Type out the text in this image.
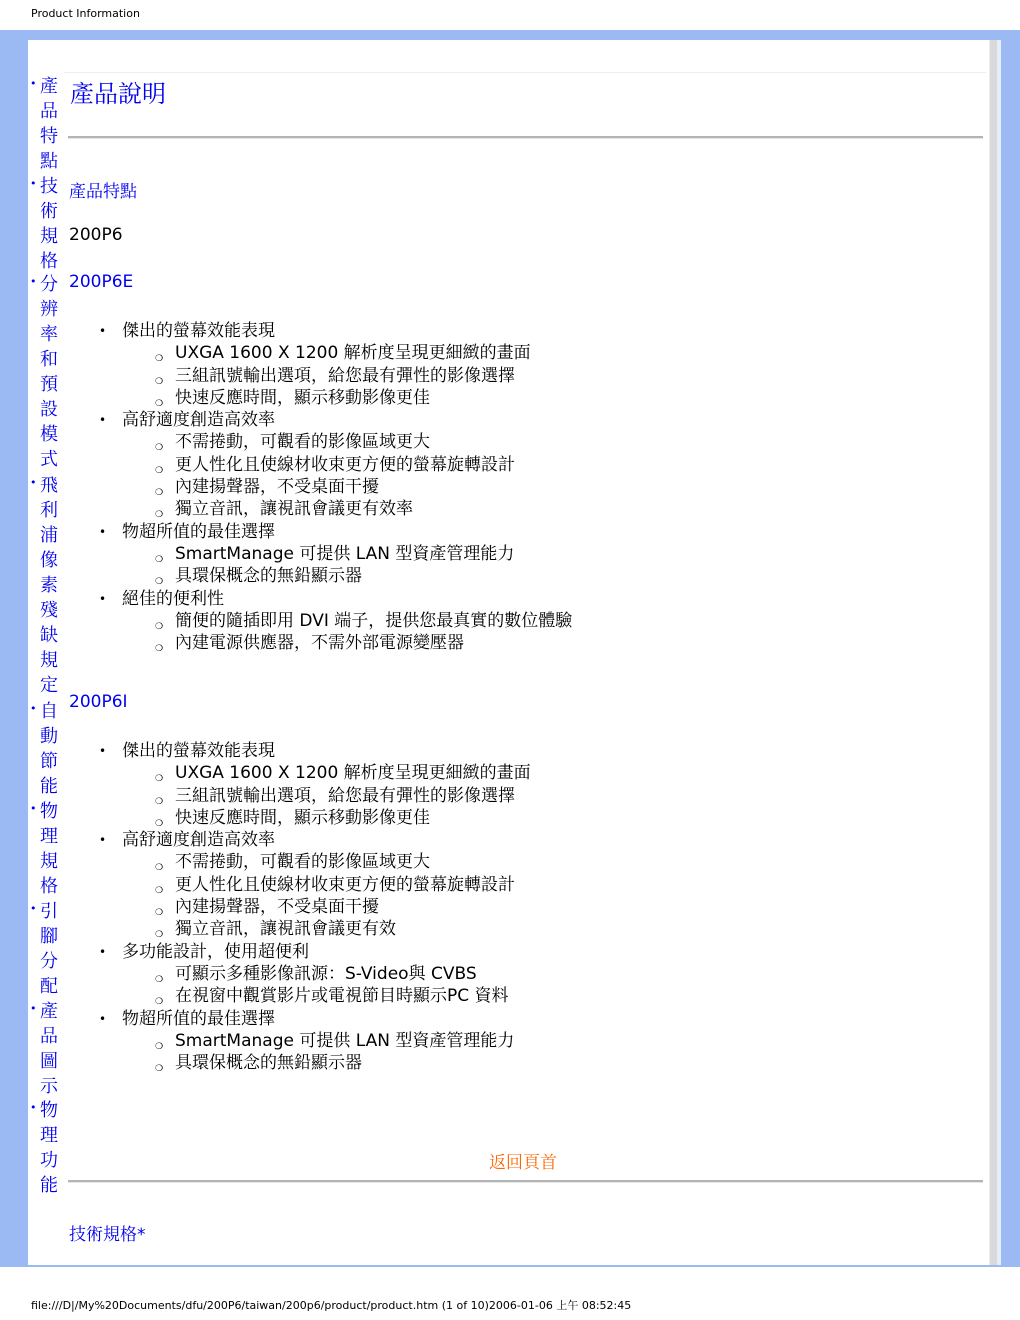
Product Information
• 產品特點
• 技術規格
• 分辨率和預設模式
• 飛利浦像素殘缺規定
• 自動節能
• 物理規格
• 引腳分配
• 產品圖示
• 物理功能
產品說明
產品特點
200P6
200P6E
• 傑出的螢幕效能表現
❍ UXGA 1600 X 1200 解析度呈現更細緻的畫面
❍ 三組訊號輸出選項，給您最有彈性的影像選擇
❍ 快速反應時間，顯示移動影像更佳
• 高舒適度創造高效率
❍ 不需捲動，可觀看的影像區域更大
❍ 更人性化且使線材收束更方便的螢幕旋轉設計
❍ 內建揚聲器，不受桌面干擾
❍ 獨立音訊，讓視訊會議更有效率
• 物超所值的最佳選擇
❍ SmartManage 可提供 LAN 型資產管理能力
❍ 具環保概念的無鉛顯示器
• 絕佳的便利性
❍ 簡便的隨插即用 DVI 端子，提供您最真實的數位體驗
❍ 內建電源供應器，不需外部電源變壓器
200P6I
• 傑出的螢幕效能表現
❍ UXGA 1600 X 1200 解析度呈現更細緻的畫面
❍ 三組訊號輸出選項，給您最有彈性的影像選擇
❍ 快速反應時間，顯示移動影像更佳
• 高舒適度創造高效率
❍ 不需捲動，可觀看的影像區域更大
❍ 更人性化且使線材收束更方便的螢幕旋轉設計
❍ 內建揚聲器，不受桌面干擾
❍ 獨立音訊，讓視訊會議更有效
• 多功能設計，使用超便利
❍ 可顯示多種影像訊源：S-Video與 CVBS
❍ 在視窗中觀賞影片或電視節目時顯示PC 資料
• 物超所值的最佳選擇
❍ SmartManage 可提供 LAN 型資產管理能力
❍ 具環保概念的無鉛顯示器
返回頁首
技術規格*
file:///D|/My%20Documents/dfu/200P6/taiwan/200p6/product/product.htm (1 of 10)2006-01-06 上午 08:52:45
